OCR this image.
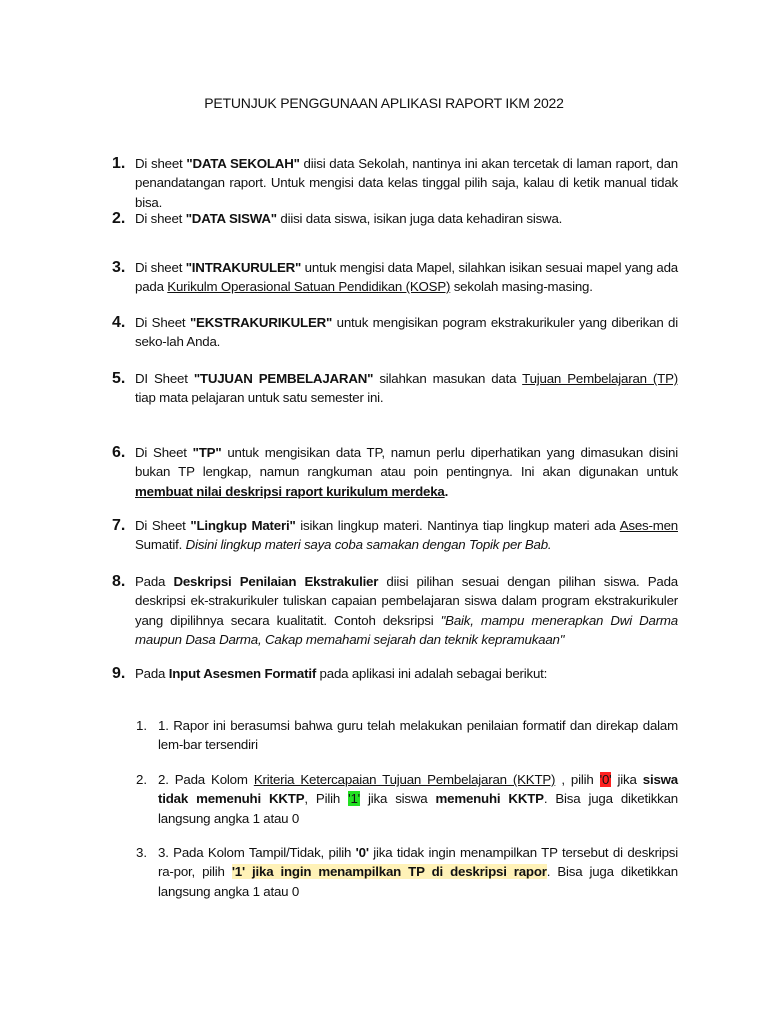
PETUNJUK PENGGUNAAN APLIKASI RAPORT IKM 2022
1. Di sheet "DATA SEKOLAH" diisi data Sekolah, nantinya ini akan tercetak di laman raport, dan penandatangan raport. Untuk mengisi data kelas tinggal pilih saja, kalau di ketik manual tidak bisa.
2. Di sheet "DATA SISWA" diisi data siswa, isikan juga data kehadiran siswa.
3. Di sheet "INTRAKURULER" untuk mengisi data Mapel, silahkan isikan sesuai mapel yang ada pada Kurikulm Operasional Satuan Pendidikan (KOSP) sekolah masing-masing.
4. Di Sheet "EKSTRAKURIKULER" untuk mengisikan pogram ekstrakurikuler yang diberikan di seko-lah Anda.
5. DI Sheet "TUJUAN PEMBELAJARAN" silahkan masukan data Tujuan Pembelajaran (TP) tiap mata pelajaran untuk satu semester ini.
6. Di Sheet "TP" untuk mengisikan data TP, namun perlu diperhatikan yang dimasukan disini bukan TP lengkap, namun rangkuman atau poin pentingnya. Ini akan digunakan untuk membuat nilai deskripsi raport kurikulum merdeka.
7. Di Sheet "Lingkup Materi" isikan lingkup materi. Nantinya tiap lingkup materi ada Ases-men Sumatif. Disini lingkup materi saya coba samakan dengan Topik per Bab.
8. Pada Deskripsi Penilaian Ekstrakulier diisi pilihan sesuai dengan pilihan siswa. Pada deskripsi ek-strakurikuler tuliskan capaian pembelajaran siswa dalam program ekstrakurikuler yang dipilihnya secara kualitatit. Contoh deksripsi "Baik, mampu menerapkan Dwi Darma maupun Dasa Darma, Cakap memahami sejarah dan teknik kepramukaan"
9. Pada Input Asesmen Formatif pada aplikasi ini adalah sebagai berikut:
1. 1. Rapor ini berasumsi bahwa guru telah melakukan penilaian formatif dan direkap dalam lem-bar tersendiri
2. 2. Pada Kolom Kriteria Ketercapaian Tujuan Pembelajaran (KKTP) , pilih '0' jika siswa tidak memenuhi KKTP, Pilih '1' jika siswa memenuhi KKTP. Bisa juga diketikkan langsung angka 1 atau 0
3. 3. Pada Kolom Tampil/Tidak, pilih '0' jika tidak ingin menampilkan TP tersebut di deskripsi ra-por, pilih '1' jika ingin menampilkan TP di deskripsi rapor. Bisa juga diketikkan langsung angka 1 atau 0
